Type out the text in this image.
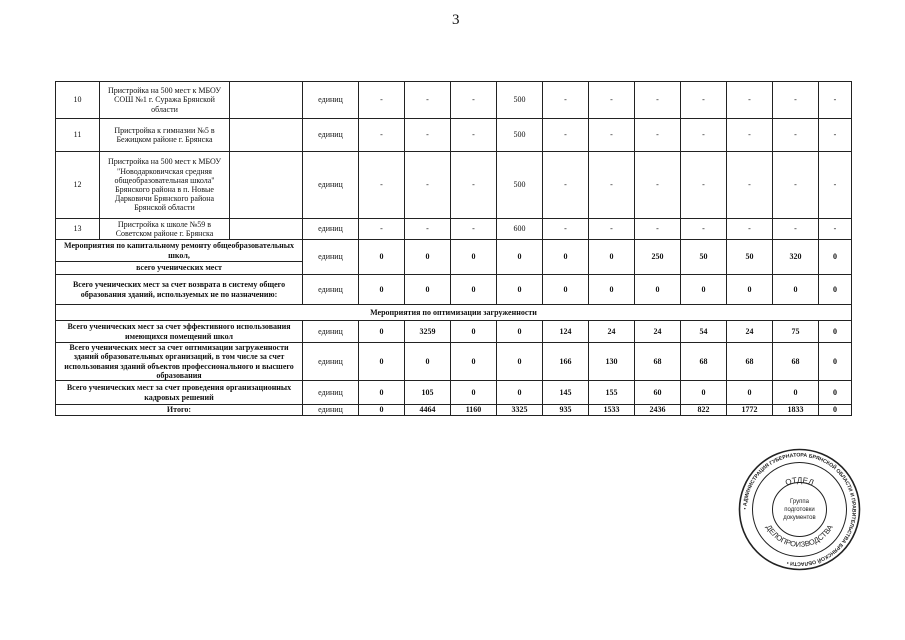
3
10	Пристройка на 500 мест к МБОУ СОШ №1 г. Суража Брянской области		единиц	-	-	-	500	-	-	-	-	-	-	-
11	Пристройка к гимназии №5 в Бежицком районе г. Брянска		единиц	-	-	-	500	-	-	-	-	-	-	-
12	Пристройка на 500 мест к МБОУ "Новодарковичская средняя общеобразовательная школа" Брянского района в п. Новые Дарковичи Брянского района Брянской области		единиц	-	-	-	500	-	-	-	-	-	-	-
13	Пристройка к школе №59 в Советском районе г. Брянска		единиц	-	-	-	600	-	-	-	-	-	-	-
Мероприятия по капитальному ремонту общеобразовательных школ,			единиц	0	0	0	0	0	0	250	50	50	320	0
всего ученических мест														
Всего ученических мест за счет возврата в систему общего образования зданий, используемых не по назначению:			единиц	0	0	0	0	0	0	0	0	0	0	0
Мероприятия по оптимизации загруженности														
Всего ученических мест за счет эффективного использования имеющихся помещений школ			единиц	0	3259	0	0	124	24	24	54	24	75	0
Всего ученических мест за счет оптимизации загруженности зданий образовательных организаций, в том числе за счет использования зданий объектов профессионального и высшего образования			единиц	0	0	0	0	166	130	68	68	68	68	0
Всего ученических мест за счет проведения организационных кадровых решений			единиц	0	105	0	0	145	155	60	0	0	0	0
Итого:			единиц	0	4464	1160	3325	935	1533	2436	822	1772	1833	0
• АДМИНИСТРАЦИЯ ГУБЕРНАТОРА БРЯНСКОЙ ОБЛАСТИ И ПРАВИТЕЛЬСТВА БРЯНСКОЙ ОБЛАСТИ •
ОТДЕЛ
ДЕЛОПРОИЗВОДСТВА
Группа
подготовки
документов
